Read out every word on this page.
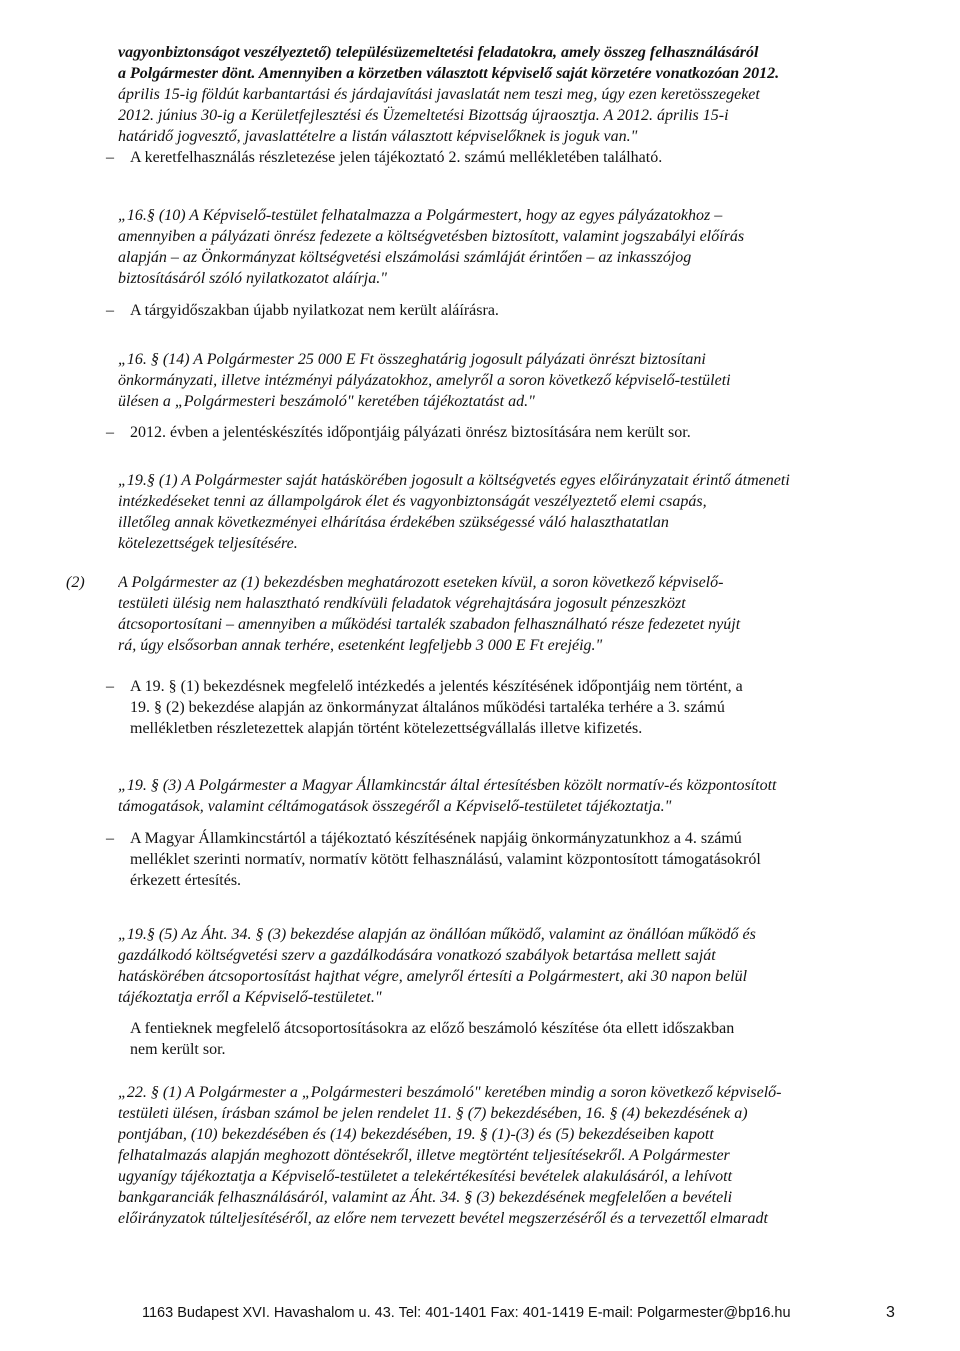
vagyonbiztonságot veszélyeztető) településüzemeltetési feladatokra, amely összeg felhasználásáról
a Polgármester dönt. Amennyiben a körzetben választott képviselő saját körzetére vonatkozóan 2012.
április 15-ig földút karbantartási és járdajavítási javaslatát nem teszi meg, úgy ezen keretösszegeket
2012. június 30-ig a Kerületfejlesztési és Üzemeltetési Bizottság újraosztja. A 2012. április 15-i
határidő jogvesztő, javaslattételre a listán választott képviselőknek is joguk van."
–	A keretfelhasználás részletezése jelen tájékoztató 2. számú mellékletében található.
„16.§ (10) A Képviselő-testület felhatalmazza a Polgármestert, hogy az egyes pályázatokhoz –
amennyiben a pályázati önrész fedezete a költségvetésben biztosított, valamint jogszabályi előírás
alapján – az Önkormányzat költségvetési elszámolási számláját érintően – az inkasszójog
biztosításáról szóló nyilatkozatot aláírja."
–	A tárgyidőszakban újabb nyilatkozat nem került aláírásra.
„16. § (14) A Polgármester 25 000 E Ft összeghatárig jogosult pályázati önrészt biztosítani
önkormányzati, illetve intézményi pályázatokhoz, amelyről a soron következő képviselő-testületi
ülésen a „Polgármesteri beszámoló" keretében tájékoztatást ad."
–	2012. évben a jelentéskészítés időpontjáig pályázati önrész biztosítására nem került sor.
„19.§ (1) A Polgármester saját hatáskörében jogosult a költségvetés egyes előirányzatait érintő átmeneti
intézkedéseket tenni az állampolgárok élet és vagyonbiztonságát veszélyeztető elemi csapás,
illetőleg annak következményei elhárítása érdekében szükségessé váló halaszthatatlan
kötelezettségek teljesítésére.
(2)	A Polgármester az (1) bekezdésben meghatározott eseteken kívül, a soron következő képviselő-
testületi ülésig nem halasztható rendkívüli feladatok végrehajtására jogosult pénzeszközt
átcsoportosítani – amennyiben a működési tartalék szabadon felhasználható része fedezetet nyújt
rá, úgy elsősorban annak terhére, esetenként legfeljebb 3 000 E Ft erejéig."
–	A 19. § (1) bekezdésnek megfelelő intézkedés a jelentés készítésének időpontjáig nem történt, a
19. § (2) bekezdése alapján az önkormányzat általános működési tartaléka terhére a 3. számú
mellékletben részletezettek alapján történt kötelezettségvállalás illetve kifizetés.
„19. § (3) A Polgármester a Magyar Államkincstár által értesítésben közölt normatív-és központosított
támogatások, valamint céltámogatások összegéről a Képviselő-testületet tájékoztatja."
–	A Magyar Államkincstártól a tájékoztató készítésének napjáig önkormányzatunkhoz a 4. számú
melléklet szerinti normatív, normatív kötött felhasználású, valamint központosított támogatásokról
érkezett értesítés.
„19.§ (5) Az Áht. 34. § (3) bekezdése alapján az önállóan működő, valamint az önállóan működő és
gazdálkodó költségvetési szerv a gazdálkodására vonatkozó szabályok betartása mellett saját
hatáskörében átcsoportosítást hajthat végre, amelyről értesíti a Polgármestert, aki 30 napon belül
tájékoztatja erről a Képviselő-testületet."
A fentieknek megfelelő átcsoportosításokra az előző beszámoló készítése óta ellett időszakban
nem került sor.
„22. § (1) A Polgármester a „Polgármesteri beszámoló" keretében mindig a soron következő képviselő-
testületi ülésen, írásban számol be jelen rendelet 11. § (7) bekezdésében, 16. § (4) bekezdésének a)
pontjában, (10) bekezdésében és (14) bekezdésében, 19. § (1)-(3) és (5) bekezdéseiben kapott
felhatalmazás alapján meghozott döntésekről, illetve megtörtént teljesítésekről. A Polgármester
ugyanígy tájékoztatja a Képviselő-testületet a telekértékesítési bevételek alakulásáról, a lehívott
bankgaranciák felhasználásáról, valamint az Áht. 34. § (3) bekezdésének megfelelően a bevételi
előirányzatok túlteljesítéséről, az előre nem tervezett bevétel megszerzéséről és a tervezettől elmaradt
1163 Budapest XVI. Havashalom u. 43. Tel: 401-1401 Fax: 401-1419 E-mail: Polgarmester@bp16.hu	3
